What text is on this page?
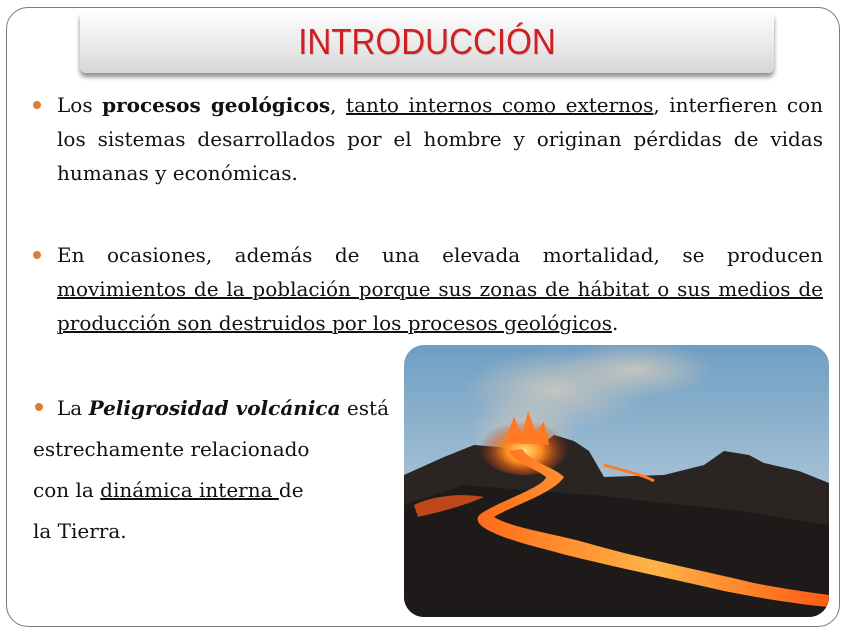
INTRODUCCIÓN
Los procesos geológicos, tanto internos como externos, interfieren con los sistemas desarrollados por el hombre y originan pérdidas de vidas humanas y económicas.
En ocasiones, además de una elevada mortalidad, se producen movimientos de la población porque sus zonas de hábitat o sus medios de producción son destruidos por los procesos geológicos.
La Peligrosidad volcánica está
estrechamente relacionado
con la dinámica interna de
la Tierra.
